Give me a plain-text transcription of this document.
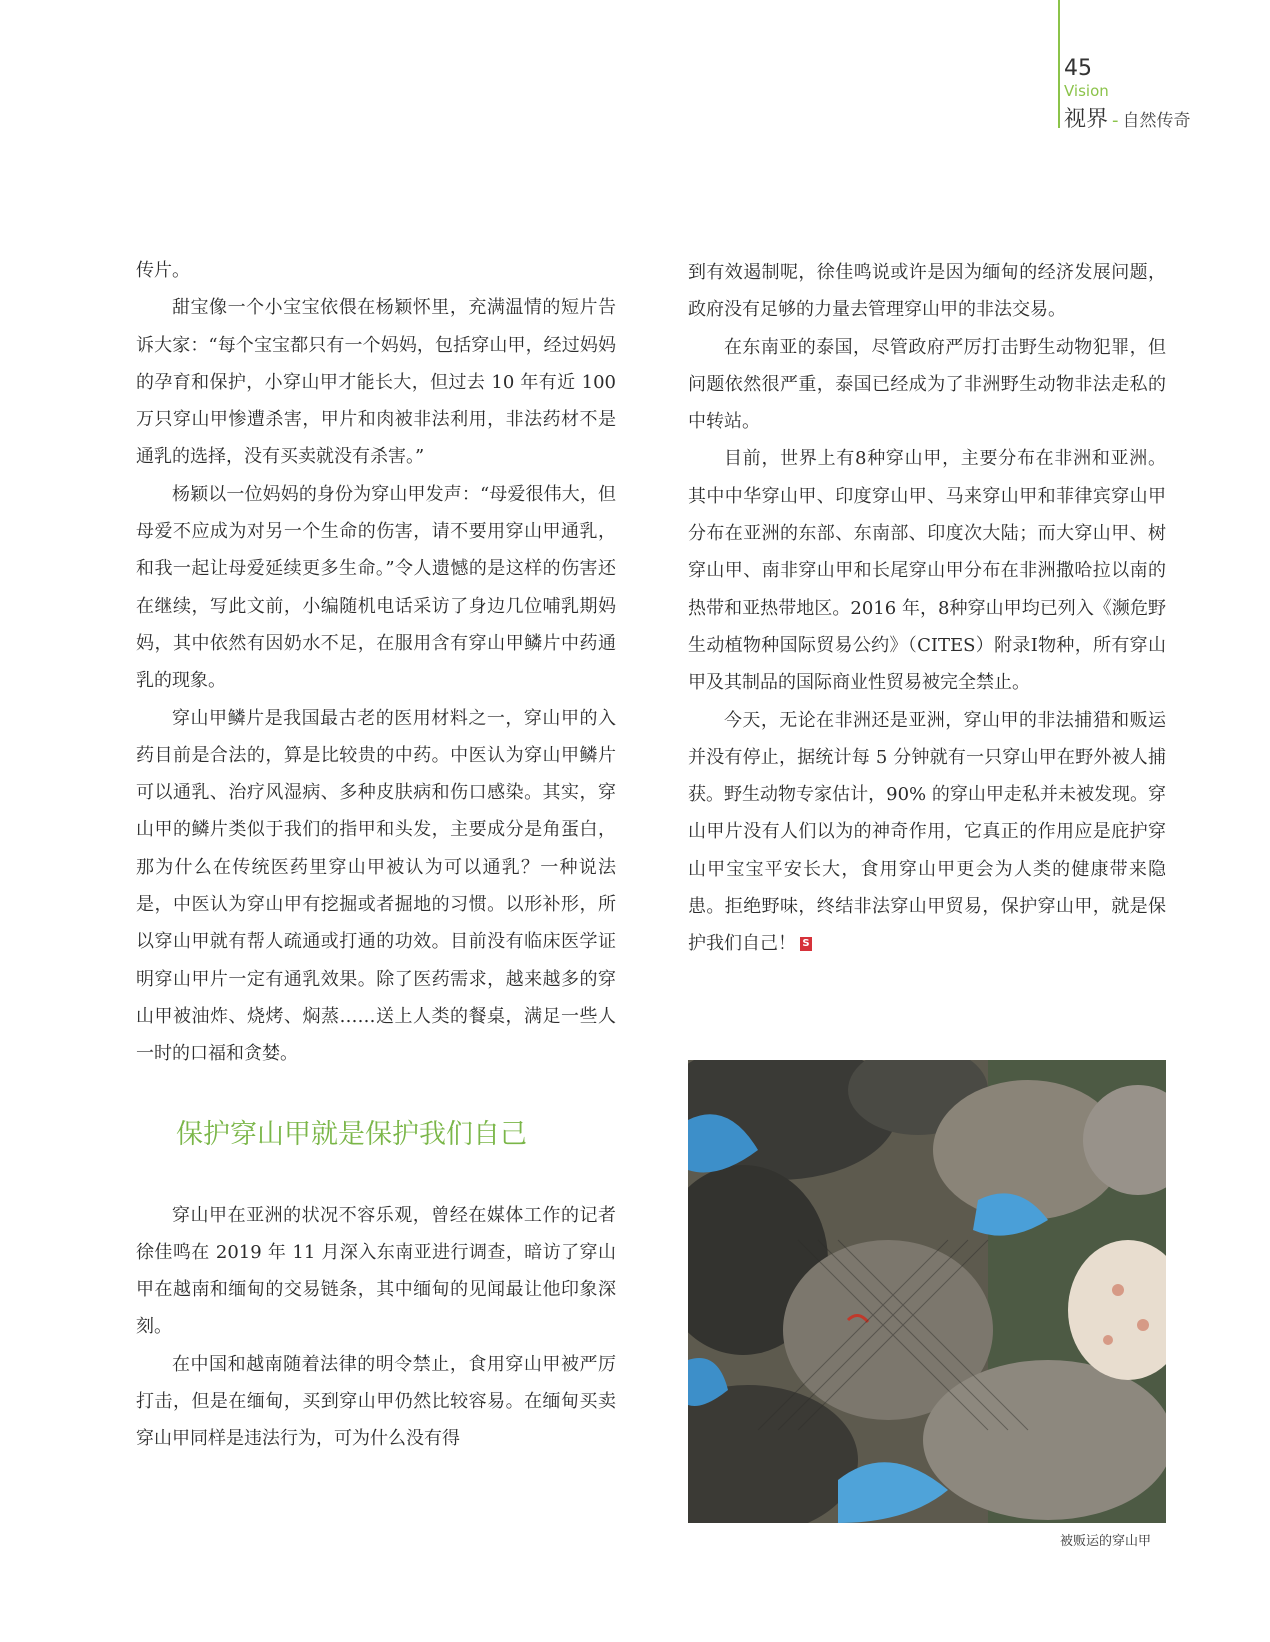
45
Vision
视界 - 自然传奇

传片。

甜宝像一个小宝宝依偎在杨颖怀里，充满温情的短片告诉大家：“每个宝宝都只有一个妈妈，包括穿山甲，经过妈妈的孕育和保护，小穿山甲才能长大，但过去 10 年有近 100 万只穿山甲惨遭杀害，甲片和肉被非法利用，非法药材不是通乳的选择，没有买卖就没有杀害。”

杨颖以一位妈妈的身份为穿山甲发声：“母爱很伟大，但母爱不应成为对另一个生命的伤害，请不要用穿山甲通乳，和我一起让母爱延续更多生命。”令人遗憾的是这样的伤害还在继续，写此文前，小编随机电话采访了身边几位哺乳期妈妈，其中依然有因奶水不足，在服用含有穿山甲鳞片中药通乳的现象。

穿山甲鳞片是我国最古老的医用材料之一，穿山甲的入药目前是合法的，算是比较贵的中药。中医认为穿山甲鳞片可以通乳、治疗风湿病、多种皮肤病和伤口感染。其实，穿山甲的鳞片类似于我们的指甲和头发，主要成分是角蛋白，那为什么在传统医药里穿山甲被认为可以通乳？一种说法是，中医认为穿山甲有挖掘或者掘地的习惯。以形补形，所以穿山甲就有帮人疏通或打通的功效。目前没有临床医学证明穿山甲片一定有通乳效果。除了医药需求，越来越多的穿山甲被油炸、烧烤、焖蒸……送上人类的餐桌，满足一些人一时的口福和贪婪。

保护穿山甲就是保护我们自己

穿山甲在亚洲的状况不容乐观，曾经在媒体工作的记者徐佳鸣在 2019 年 11 月深入东南亚进行调查，暗访了穿山甲在越南和缅甸的交易链条，其中缅甸的见闻最让他印象深刻。

在中国和越南随着法律的明令禁止，食用穿山甲被严厉打击，但是在缅甸，买到穿山甲仍然比较容易。在缅甸买卖穿山甲同样是违法行为，可为什么没有得

到有效遏制呢，徐佳鸣说或许是因为缅甸的经济发展问题，政府没有足够的力量去管理穿山甲的非法交易。

在东南亚的泰国，尽管政府严厉打击野生动物犯罪，但问题依然很严重，泰国已经成为了非洲野生动物非法走私的中转站。

目前，世界上有8种穿山甲，主要分布在非洲和亚洲。其中中华穿山甲、印度穿山甲、马来穿山甲和菲律宾穿山甲分布在亚洲的东部、东南部、印度次大陆；而大穿山甲、树穿山甲、南非穿山甲和长尾穿山甲分布在非洲撒哈拉以南的热带和亚热带地区。2016 年，8种穿山甲均已列入《濒危野生动植物种国际贸易公约》（CITES）附录I物种，所有穿山甲及其制品的国际商业性贸易被完全禁止。

今天，无论在非洲还是亚洲，穿山甲的非法捕猎和贩运并没有停止，据统计每 5 分钟就有一只穿山甲在野外被人捕获。野生动物专家估计，90% 的穿山甲走私并未被发现。穿山甲片没有人们以为的神奇作用，它真正的作用应是庇护穿山甲宝宝平安长大，食用穿山甲更会为人类的健康带来隐患。拒绝野味，终结非法穿山甲贸易，保护穿山甲，就是保护我们自己！ S

被贩运的穿山甲
